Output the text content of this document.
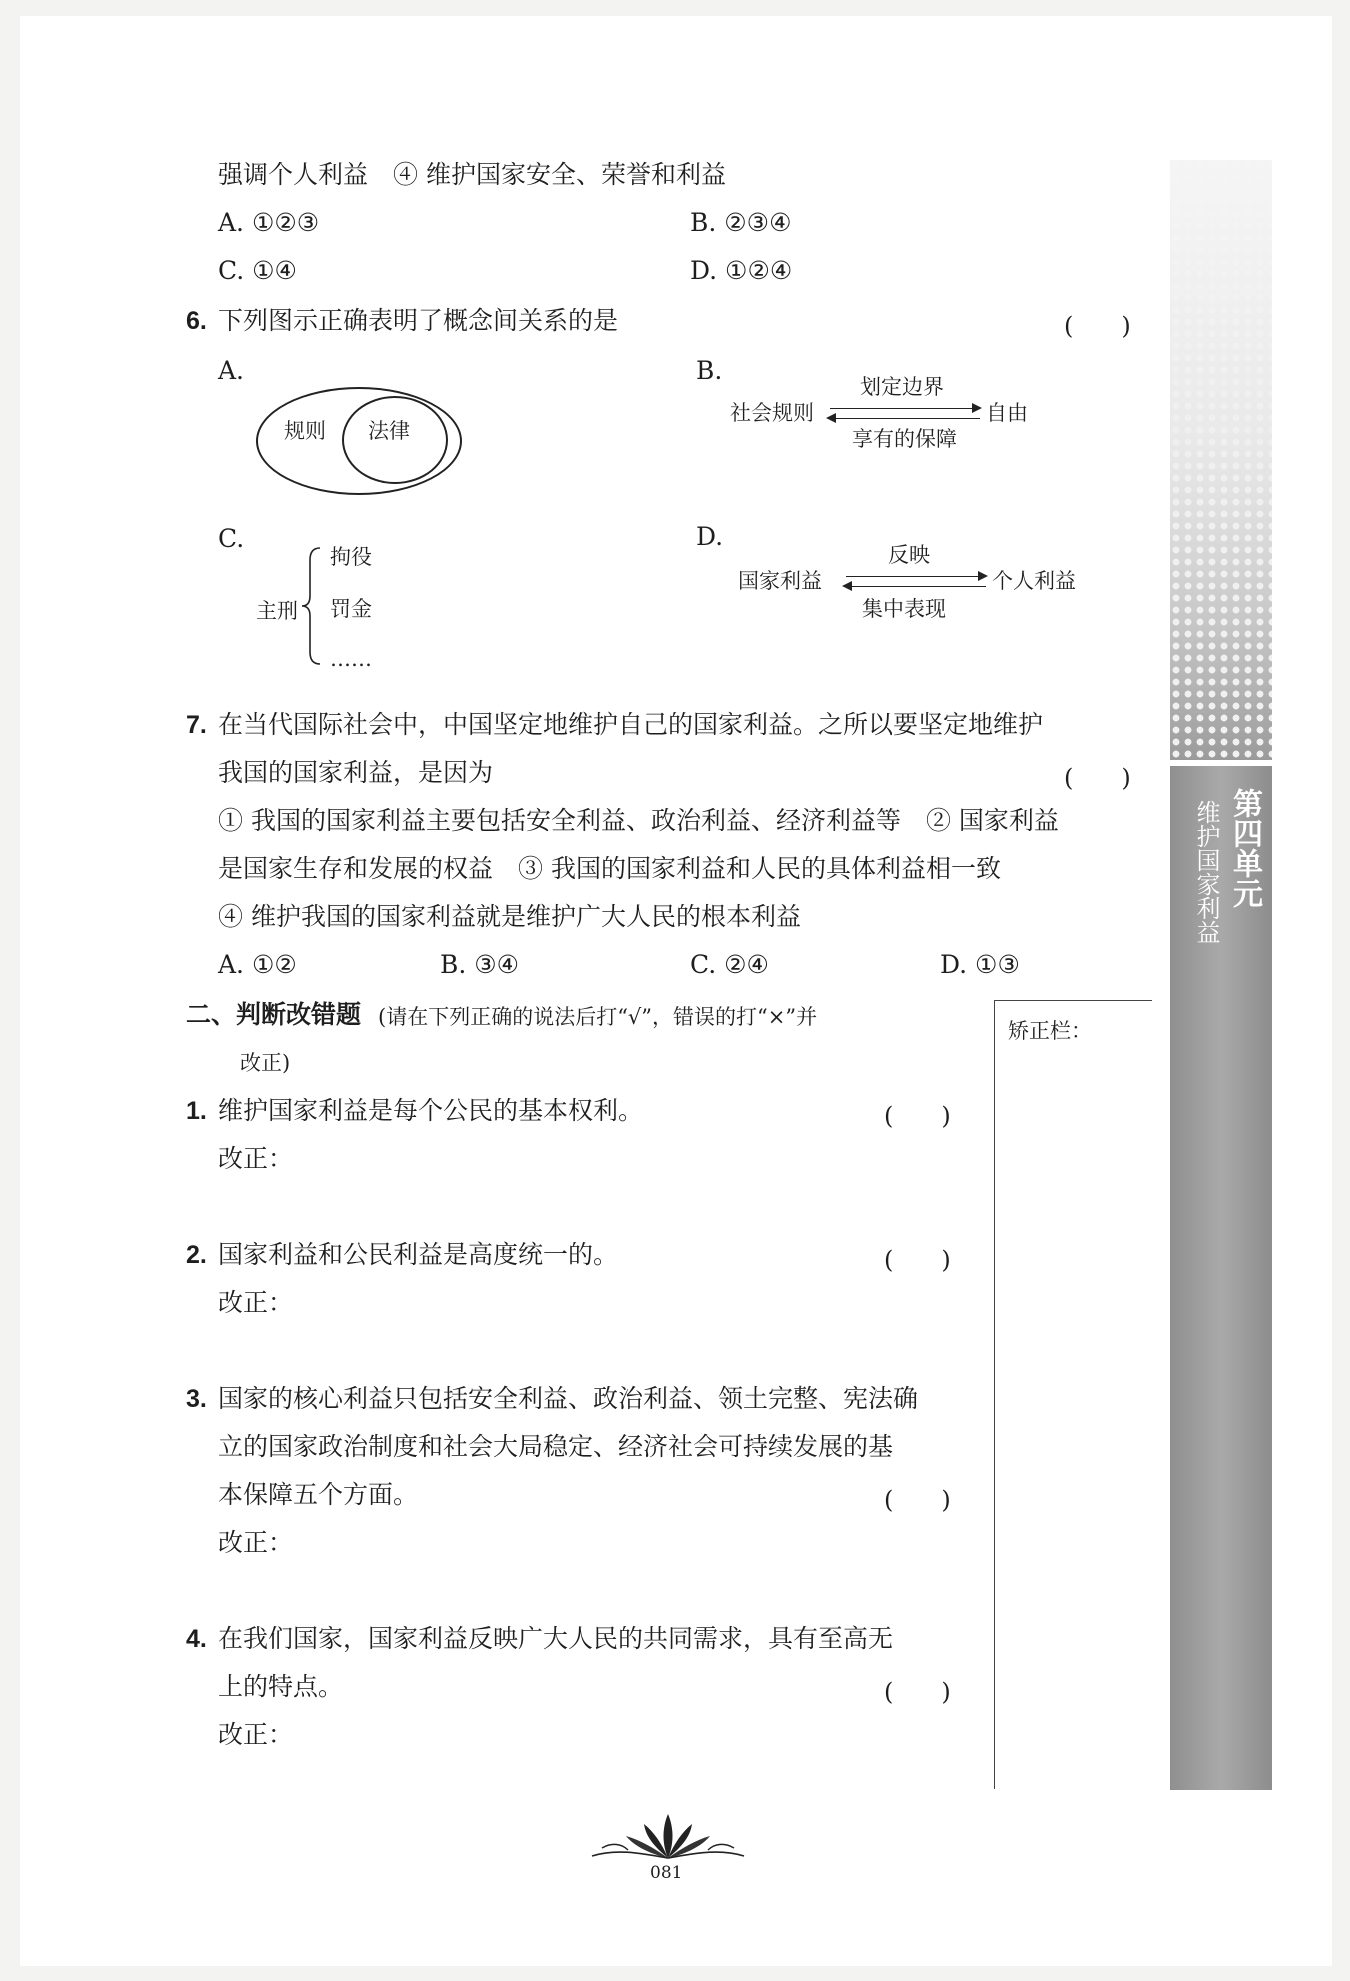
强调个人利益　④ 维护国家安全、荣誉和利益
A. ①②③	B. ②③④
C. ①④	D. ①②④
6. 下列图示正确表明了概念间关系的是	(　　)
A.
规则 法律
B.
划定边界
社会规则	自由
享有的保障
C.
主刑
拘役
罚金
……
D.
反映
国家利益	个人利益
集中表现
7. 在当代国际社会中，中国坚定地维护自己的国家利益。之所以要坚定地维护
我国的国家利益，是因为	(　　)
① 我国的国家利益主要包括安全利益、政治利益、经济利益等　② 国家利益
是国家生存和发展的权益　③ 我国的国家利益和人民的具体利益相一致
④ 维护我国的国家利益就是维护广大人民的根本利益
A. ①②	B. ③④	C. ②④	D. ①③
二、判断改错题 (请在下列正确的说法后打“√”，错误的打“×”并
改正)
矫正栏：
1. 维护国家利益是每个公民的基本权利。	(　　)
改正：
2. 国家利益和公民利益是高度统一的。	(　　)
改正：
3. 国家的核心利益只包括安全利益、政治利益、领土完整、宪法确
立的国家政治制度和社会大局稳定、经济社会可持续发展的基
本保障五个方面。	(　　)
改正：
4. 在我们国家，国家利益反映广大人民的共同需求，具有至高无
上的特点。	(　　)
改正：
第四单元
维护国家利益
081
